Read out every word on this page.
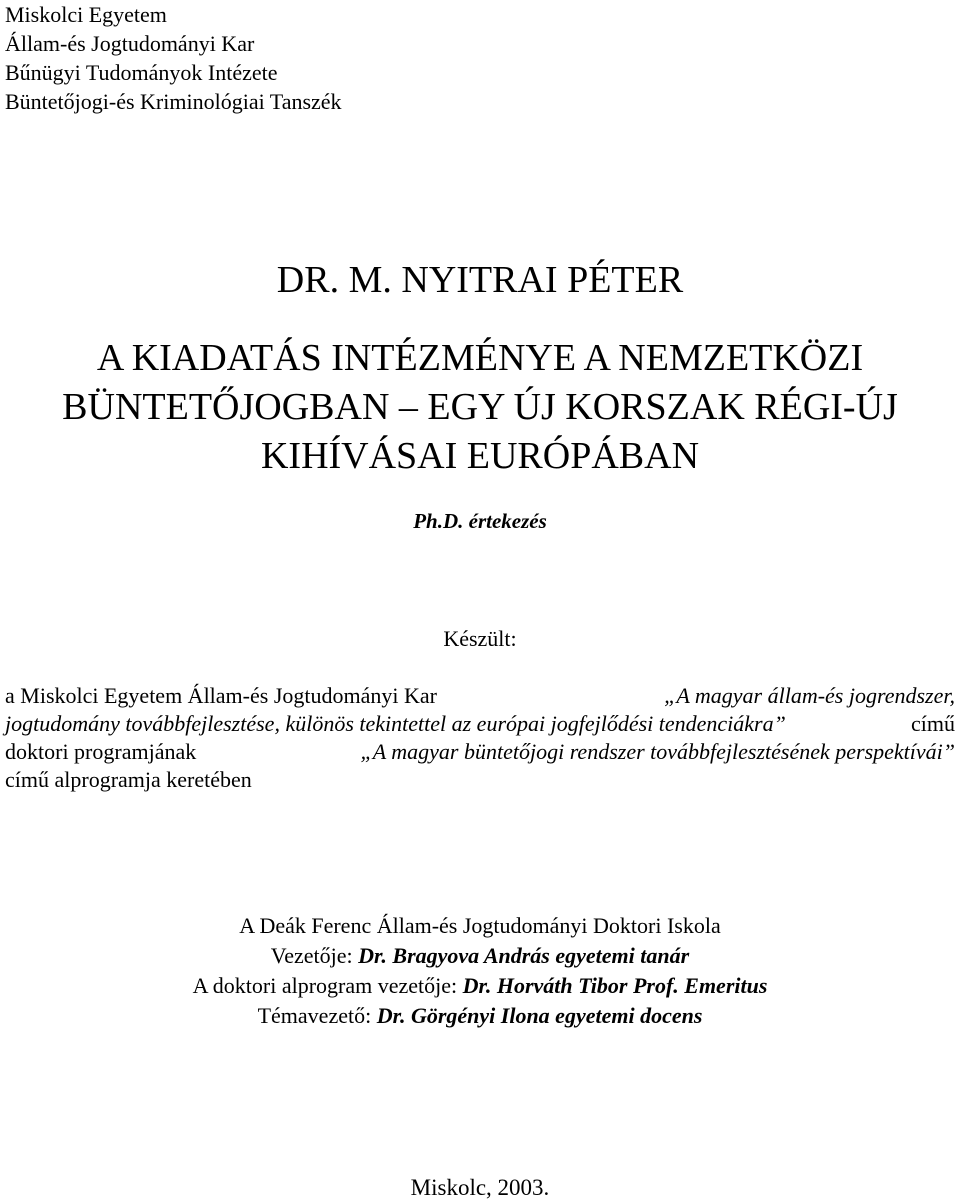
Miskolci Egyetem
Állam-és Jogtudományi Kar
Bűnügyi Tudományok Intézete
Büntetőjogi-és Kriminológiai Tanszék
DR. M. NYITRAI PÉTER
A KIADATÁS INTÉZMÉNYE A NEMZETKÖZI
BÜNTETŐJOGBAN – EGY ÚJ KORSZAK RÉGI-ÚJ
KIHÍVÁSAI EURÓPÁBAN
Ph.D. értekezés
Készült:
a Miskolci Egyetem Állam-és Jogtudományi Kar	„A magyar állam-és jogrendszer,
jogtudomány továbbfejlesztése, különös tekintettel az európai jogfejlődési tendenciákra”	című
doktori programjának	„A magyar büntetőjogi rendszer továbbfejlesztésének perspektívái”
című alprogramja keretében
A Deák Ferenc Állam-és Jogtudományi Doktori Iskola
Vezetője: Dr. Bragyova András egyetemi tanár
A doktori alprogram vezetője: Dr. Horváth Tibor Prof. Emeritus
Témavezető: Dr. Görgényi Ilona egyetemi docens
Miskolc, 2003.
